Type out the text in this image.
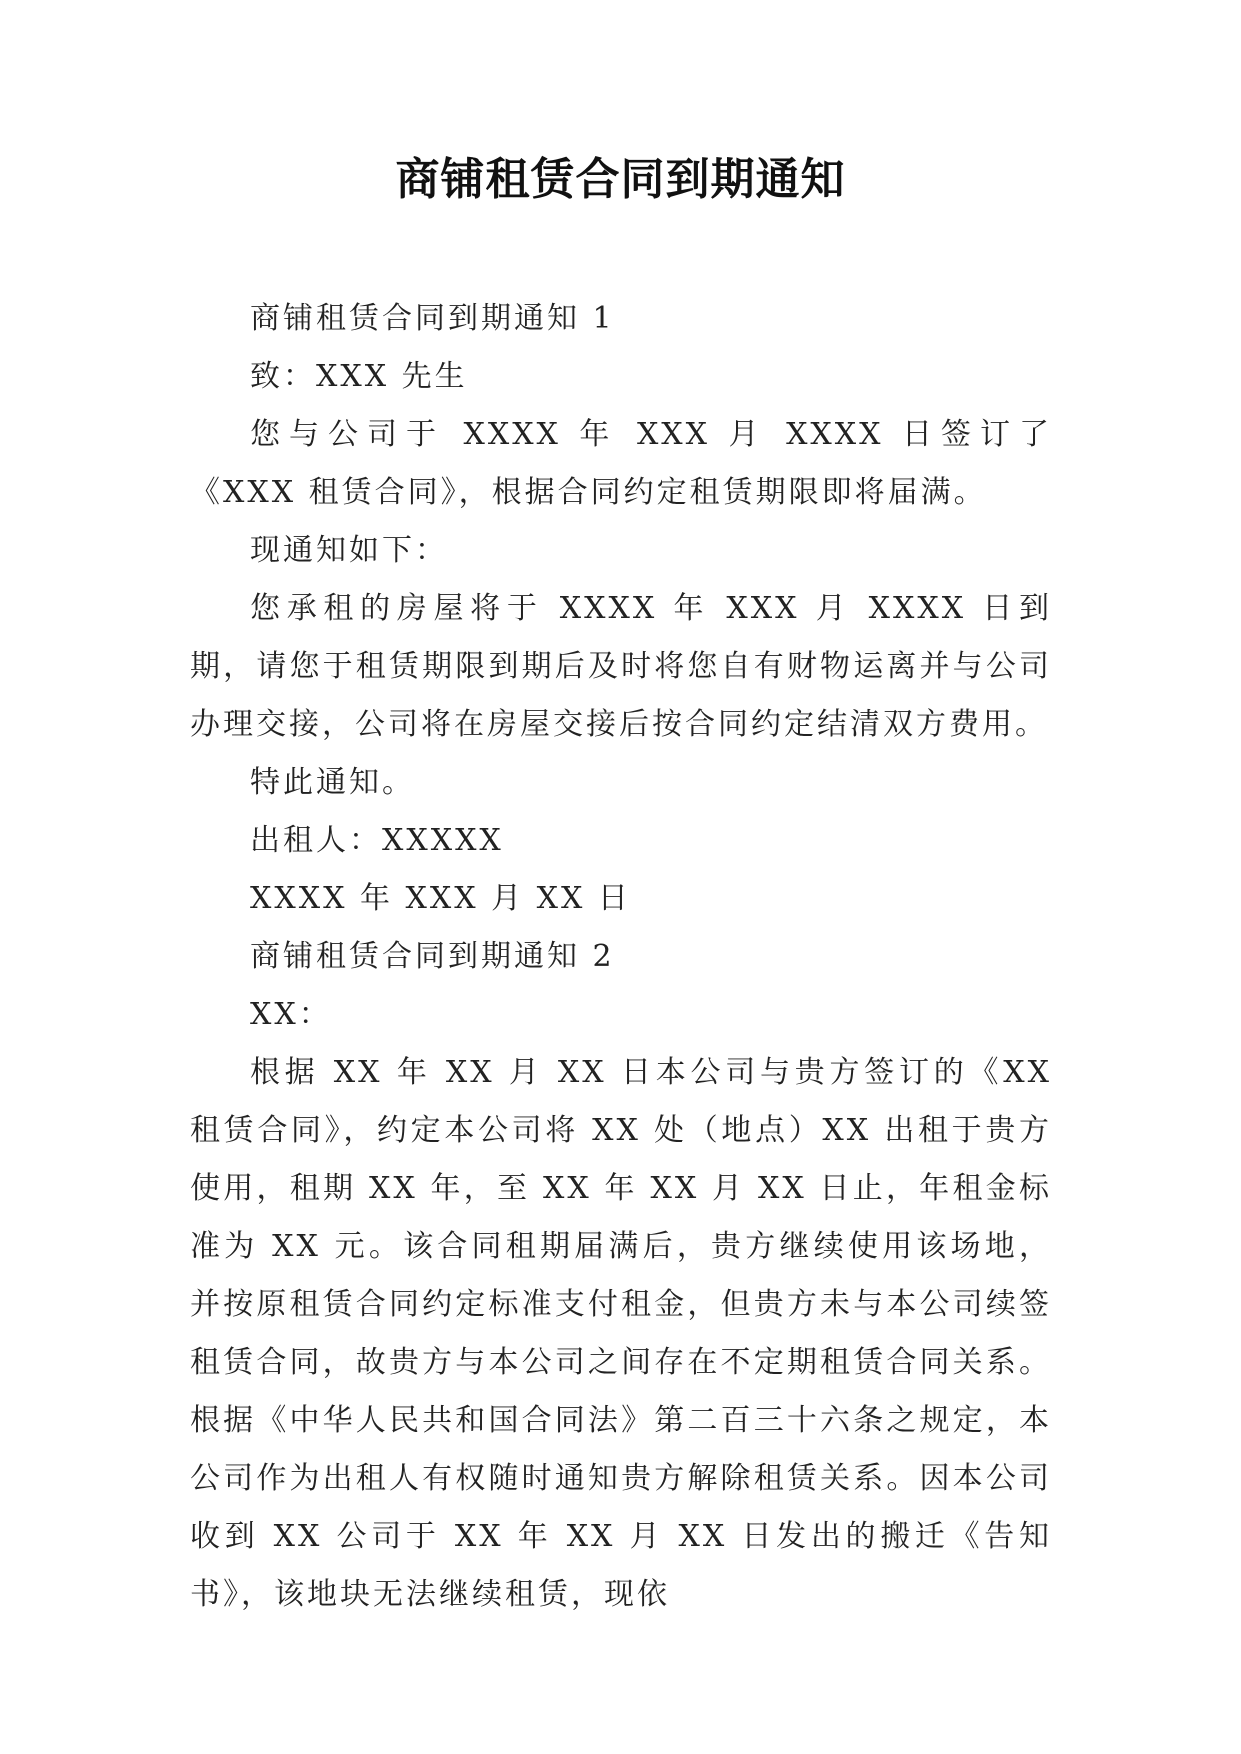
商铺租赁合同到期通知

商铺租赁合同到期通知 1

致：XXX 先生

您与公司于 XXXX 年 XXX 月 XXXX 日签订了《XXX 租赁合同》，根据合同约定租赁期限即将届满。

现通知如下：

您承租的房屋将于 XXXX 年 XXX 月 XXXX 日到期，请您于租赁期限到期后及时将您自有财物运离并与公司办理交接，公司将在房屋交接后按合同约定结清双方费用。

特此通知。

出租人：XXXXX

XXXX 年 XXX 月 XX 日

商铺租赁合同到期通知 2

XX：

根据 XX 年 XX 月 XX 日本公司与贵方签订的《XX 租赁合同》，约定本公司将 XX 处（地点）XX 出租于贵方使用，租期 XX 年，至 XX 年 XX 月 XX 日止，年租金标准为 XX 元。该合同租期届满后，贵方继续使用该场地，并按原租赁合同约定标准支付租金，但贵方未与本公司续签租赁合同，故贵方与本公司之间存在不定期租赁合同关系。根据《中华人民共和国合同法》第二百三十六条之规定，本公司作为出租人有权随时通知贵方解除租赁关系。因本公司收到 XX 公司于 XX 年 XX 月 XX 日发出的搬迁《告知书》，该地块无法继续租赁，现依
